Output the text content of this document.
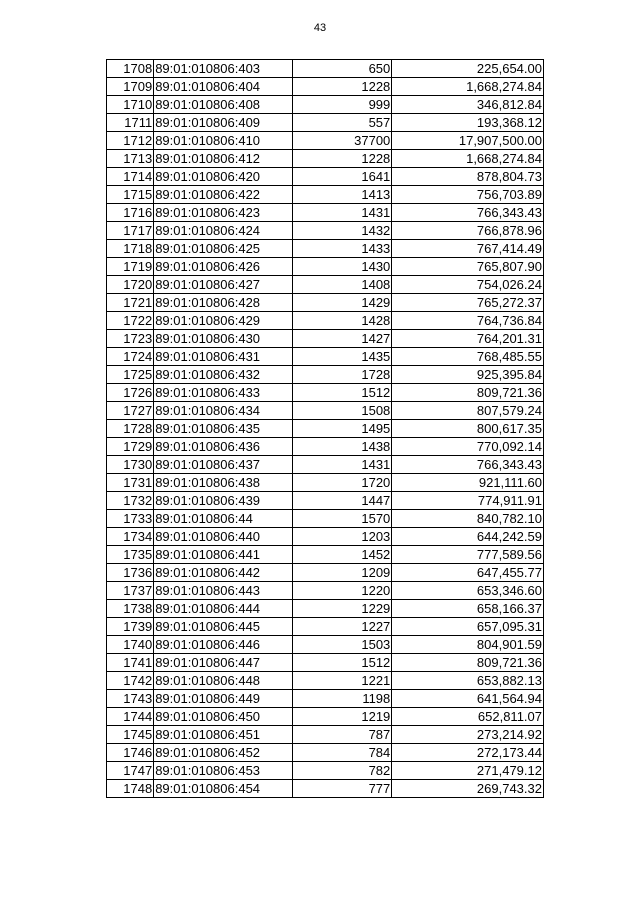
43
1708	89:01:010806:403	650	225,654.00
1709	89:01:010806:404	1228	1,668,274.84
1710	89:01:010806:408	999	346,812.84
1711	89:01:010806:409	557	193,368.12
1712	89:01:010806:410	37700	17,907,500.00
1713	89:01:010806:412	1228	1,668,274.84
1714	89:01:010806:420	1641	878,804.73
1715	89:01:010806:422	1413	756,703.89
1716	89:01:010806:423	1431	766,343.43
1717	89:01:010806:424	1432	766,878.96
1718	89:01:010806:425	1433	767,414.49
1719	89:01:010806:426	1430	765,807.90
1720	89:01:010806:427	1408	754,026.24
1721	89:01:010806:428	1429	765,272.37
1722	89:01:010806:429	1428	764,736.84
1723	89:01:010806:430	1427	764,201.31
1724	89:01:010806:431	1435	768,485.55
1725	89:01:010806:432	1728	925,395.84
1726	89:01:010806:433	1512	809,721.36
1727	89:01:010806:434	1508	807,579.24
1728	89:01:010806:435	1495	800,617.35
1729	89:01:010806:436	1438	770,092.14
1730	89:01:010806:437	1431	766,343.43
1731	89:01:010806:438	1720	921,111.60
1732	89:01:010806:439	1447	774,911.91
1733	89:01:010806:44	1570	840,782.10
1734	89:01:010806:440	1203	644,242.59
1735	89:01:010806:441	1452	777,589.56
1736	89:01:010806:442	1209	647,455.77
1737	89:01:010806:443	1220	653,346.60
1738	89:01:010806:444	1229	658,166.37
1739	89:01:010806:445	1227	657,095.31
1740	89:01:010806:446	1503	804,901.59
1741	89:01:010806:447	1512	809,721.36
1742	89:01:010806:448	1221	653,882.13
1743	89:01:010806:449	1198	641,564.94
1744	89:01:010806:450	1219	652,811.07
1745	89:01:010806:451	787	273,214.92
1746	89:01:010806:452	784	272,173.44
1747	89:01:010806:453	782	271,479.12
1748	89:01:010806:454	777	269,743.32
